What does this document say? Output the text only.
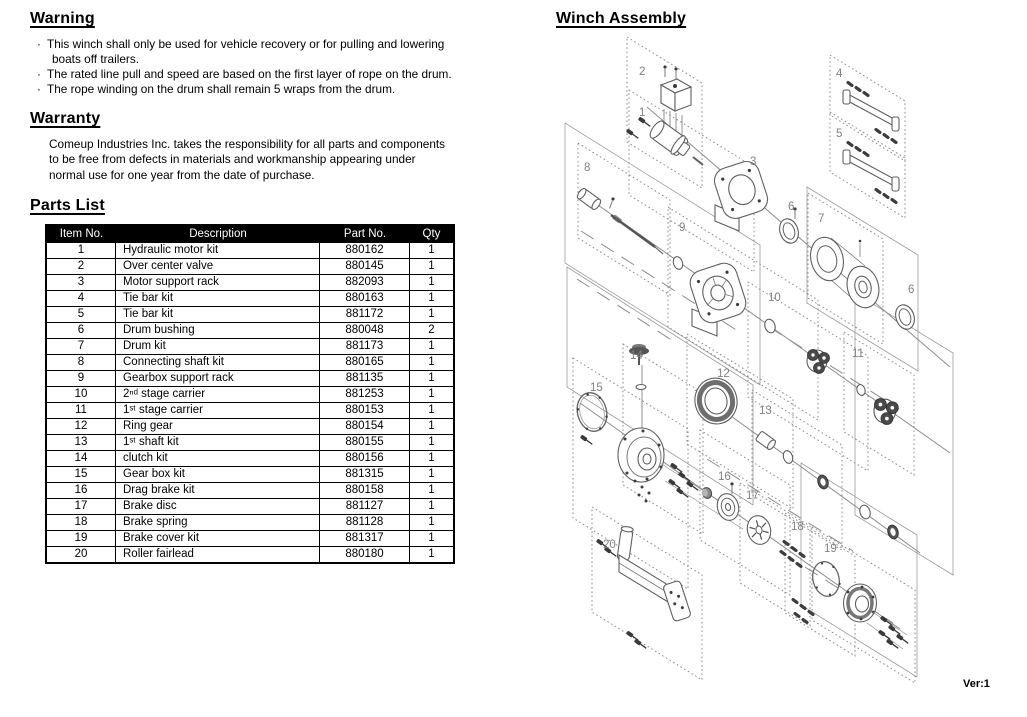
Warning
· This winch shall only be used for vehicle recovery or for pulling and lowering
boats off trailers.
· The rated line pull and speed are based on the first layer of rope on the drum.
· The rope winding on the drum shall remain 5 wraps from the drum.
Warranty
Comeup Industries Inc. takes the responsibility for all parts and components
to be free from defects in materials and workmanship appearing under
normal use for one year from the date of purchase.
Parts List
Item No.	Description	Part No.	Qty
1	Hydraulic motor kit	880162	1
2	Over center valve	880145	1
3	Motor support rack	882093	1
4	Tie bar kit	880163	1
5	Tie bar kit	881172	1
6	Drum bushing	880048	2
7	Drum kit	881173	1
8	Connecting shaft kit	880165	1
9	Gearbox support rack	881135	1
10	2ⁿᵈ stage carrier	881253	1
11	1ˢᵗ stage carrier	880153	1
12	Ring gear	880154	1
13	1ˢᵗ shaft kit	880155	1
14	clutch kit	880156	1
15	Gear box kit	881315	1
16	Drag brake kit	880158	1
17	Brake disc	881127	1
18	Brake spring	881128	1
19	Brake cover kit	881317	1
20	Roller fairlead	880180	1
Winch Assembly
2
1
4
5
3
8
6
7
9
10
6
14	11
12
15
13
16
17
18
20	19
Ver:1
